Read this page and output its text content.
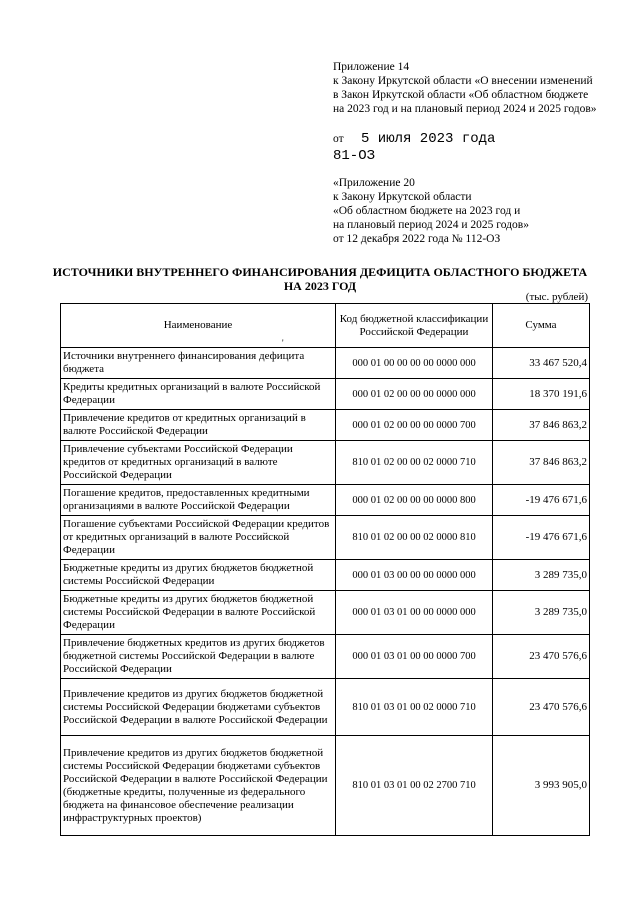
Приложение 14
к Закону Иркутской области «О внесении изменений
в Закон Иркутской области «Об областном бюджете
на 2023 год и на плановый период 2024 и 2025 годов»
от 5 июля 2023 года
81-ОЗ
«Приложение 20
к Закону Иркутской области
«Об областном бюджете на 2023 год и
на плановый период 2024 и 2025 годов»
от 12 декабря 2022 года № 112-ОЗ
ИСТОЧНИКИ ВНУТРЕННЕГО ФИНАНСИРОВАНИЯ ДЕФИЦИТА ОБЛАСТНОГО БЮДЖЕТА
НА 2023 ГОД
(тыс. рублей)
'
Наименование	Код бюджетной классификации Российской Федерации	Сумма
Источники внутреннего финансирования дефицита бюджета	000 01 00 00 00 00 0000 000	33 467 520,4
Кредиты кредитных организаций в валюте Российской Федерации	000 01 02 00 00 00 0000 000	18 370 191,6
Привлечение кредитов от кредитных организаций в валюте Российской Федерации	000 01 02 00 00 00 0000 700	37 846 863,2
Привлечение субъектами Российской Федерации кредитов от кредитных организаций в валюте Российской Федерации	810 01 02 00 00 02 0000 710	37 846 863,2
Погашение кредитов, предоставленных кредитными организациями в валюте Российской Федерации	000 01 02 00 00 00 0000 800	-19 476 671,6
Погашение субъектами Российской Федерации кредитов от кредитных организаций в валюте Российской Федерации	810 01 02 00 00 02 0000 810	-19 476 671,6
Бюджетные кредиты из других бюджетов бюджетной системы Российской Федерации	000 01 03 00 00 00 0000 000	3 289 735,0
Бюджетные кредиты из других бюджетов бюджетной системы Российской Федерации в валюте Российской Федерации	000 01 03 01 00 00 0000 000	3 289 735,0
Привлечение бюджетных кредитов из других бюджетов бюджетной системы Российской Федерации в валюте Российской Федерации	000 01 03 01 00 00 0000 700	23 470 576,6
Привлечение кредитов из других бюджетов бюджетной системы Российской Федерации бюджетами субъектов Российской Федерации в валюте Российской Федерации	810 01 03 01 00 02 0000 710	23 470 576,6
Привлечение кредитов из других бюджетов бюджетной системы Российской Федерации бюджетами субъектов Российской Федерации в валюте Российской Федерации (бюджетные кредиты, полученные из федерального бюджета на финансовое обеспечение реализации инфраструктурных проектов)	810 01 03 01 00 02 2700 710	3 993 905,0
